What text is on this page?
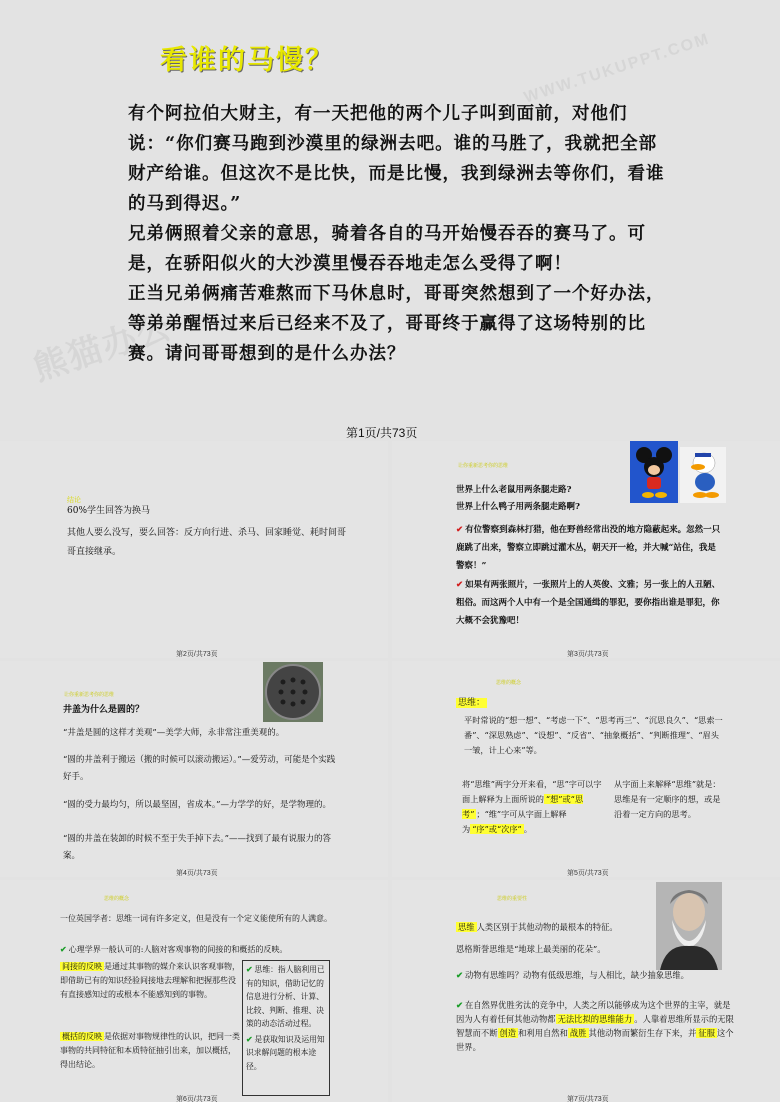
熊猫办公
WWW.TUKUPPT.COM
看谁的马慢？
有个阿拉伯大财主，有一天把他的两个儿子叫到面前，对他们说：“你们赛马跑到沙漠里的绿洲去吧。谁的马胜了，我就把全部财产给谁。但这次不是比快，而是比慢，我到绿洲去等你们，看谁的马到得迟。”
兄弟俩照着父亲的意思，骑着各自的马开始慢吞吞的赛马了。可是，在骄阳似火的大沙漠里慢吞吞地走怎么受得了啊！
正当兄弟俩痛苦难熬而下马休息时，哥哥突然想到了一个好办法，等弟弟醒悟过来后已经来不及了，哥哥终于赢得了这场特别的比赛。请问哥哥想到的是什么办法？
第1页/共73页
结论
60%学生回答为换马
其他人要么没写，要么回答：反方向行进、杀马、回家睡觉、耗时间哥哥直接继承。
第2页/共73页
让你重新思考你的思维
世界上什么老鼠用两条腿走路?
世界上什么鸭子用两条腿走路啊?
✔ 有位警察到森林打猎，他在野兽经常出没的地方隐蔽起来。忽然一只鹿跳了出来，警察立即跳过灌木丛，朝天开一枪，并大喊“站住，我是警察！”
✔ 如果有两张照片，一张照片上的人英俊、文雅；另一张上的人丑陋、粗俗。而这两个人中有一个是全国通缉的罪犯，要你指出谁是罪犯，你大概不会犹豫吧！
第3页/共73页
让你重新思考你的思维
井盖为什么是圆的？
“井盖是圆的这样才美观”—美学大师，永非常注重美观的。
“圆的井盖利于搬运（搬的时候可以滚动搬运）。”—爱劳动，可能是个实践好手。
“圆的受力最均匀，所以最坚固，省成本。”—力学学的好，是学物理的。
“圆的井盖在装卸的时候不至于失手掉下去。”——找到了最有说服力的答案。
第4页/共73页
思维的概念
思维：
平时常说的“想一想”、“考虑一下”、“思考再三”、“沉思良久”、“思索一番”、“深思熟虑”、“设想”、“反省”、“抽象概括”、“判断推理”、“眉头一皱，计上心来”等。
将“思维”两字分开来看，“思”字可以字面上解释为上面所说的 “想”或“思考” ；“维”字可从字面上解释为 “序”或“次序” 。
从字面上来解释“思维”就是：思维是有一定顺序的想，或是沿着一定方向的思考。
第5页/共73页
思维的概念
一位英国学者：思维一词有许多定义，但是没有一个定义能使所有的人满意。
✔ 心理学界一般认可的:人脑对客观事物的间接的和概括的反映。
间接的反映 是通过其事物的媒介来认识客观事物，即借助已有的知识经验间接地去理解和把握那些没有直接感知过的或根本不能感知到的事物。
概括的反映 是依据对事物规律性的认识，把同一类事物的共同特征和本质特征抽引出来，加以概括，得出结论。
✔ 思维：指人脑利用已有的知识，借助记忆的信息进行分析、计算、比较、判断、推理、决策的动态活动过程。
✔ 是获取知识及运用知识求解问题的根本途径。
第6页/共73页
思维的重要性
思维 人类区别于其他动物的最根本的特征。
恩格斯誉思维是“地球上最美丽的花朵”。
✔ 动物有思维吗？动物有低级思维，与人相比，缺少抽象思维。
✔ 在自然界优胜劣汰的竞争中，人类之所以能够成为这个世界的主宰，就是因为人有着任何其他动物都 无法比拟的思维能力 。人靠着思维所显示的无限智慧而不断 创造 和利用自然和 战胜 其他动物而繁衍生存下来，并 征服 这个世界。
第7页/共73页
